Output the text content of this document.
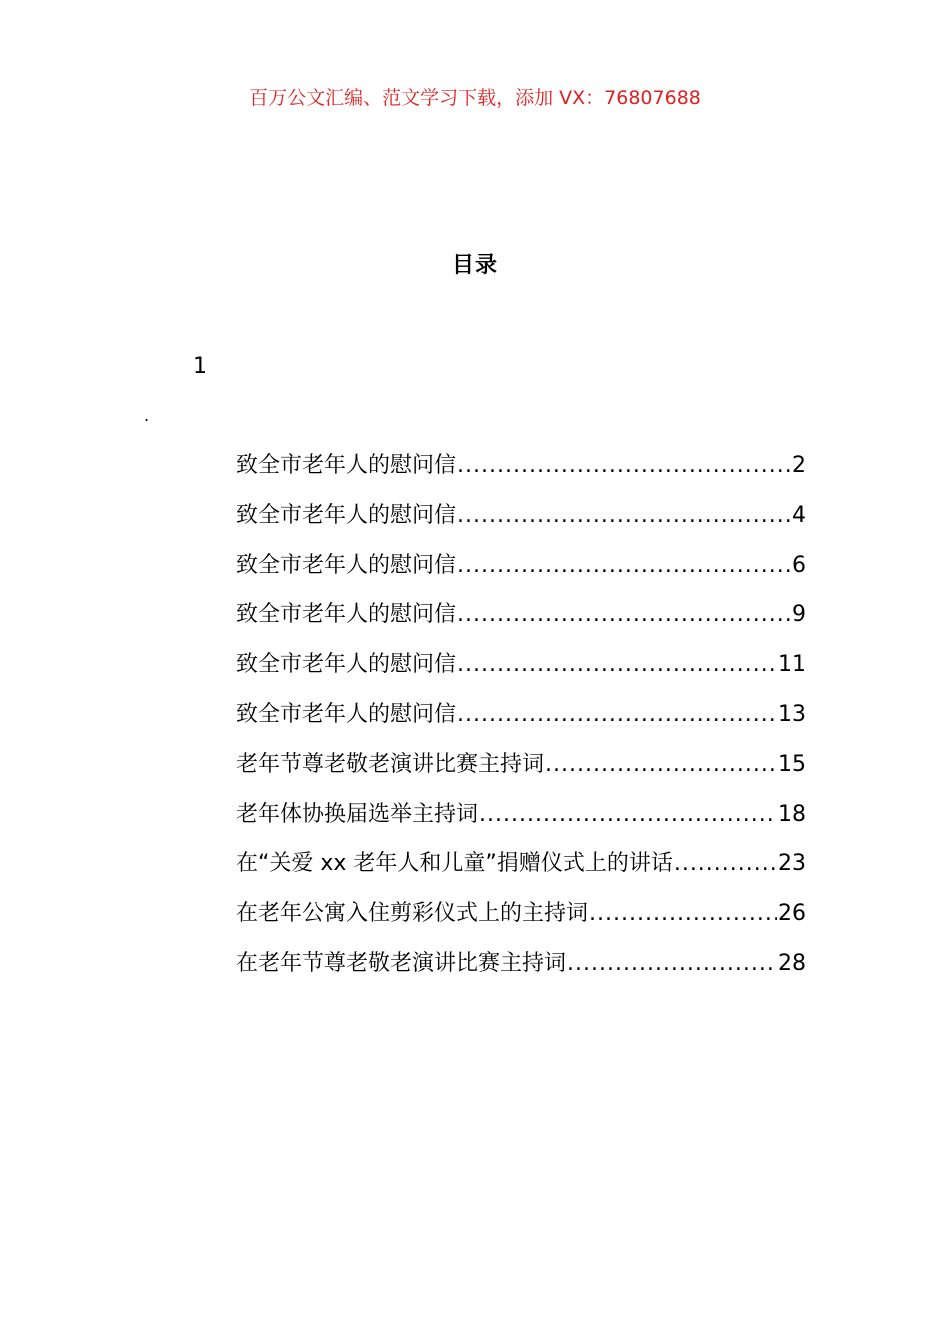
百万公文汇编、范文学习下载，添加 VX：76807688
目录
1
.
致全市老年人的慰问信 .....	2
致全市老年人的慰问信 .....	4
致全市老年人的慰问信 .....	6
致全市老年人的慰问信 .....	9
致全市老年人的慰问信 .....	11
致全市老年人的慰问信 .....	13
老年节尊老敬老演讲比赛主持词 .....	15
老年体协换届选举主持词 .....	18
在“关爱 xx 老年人和儿童”捐赠仪式上的讲话 .....	23
在老年公寓入住剪彩仪式上的主持词 .....	26
在老年节尊老敬老演讲比赛主持词 .....	28
